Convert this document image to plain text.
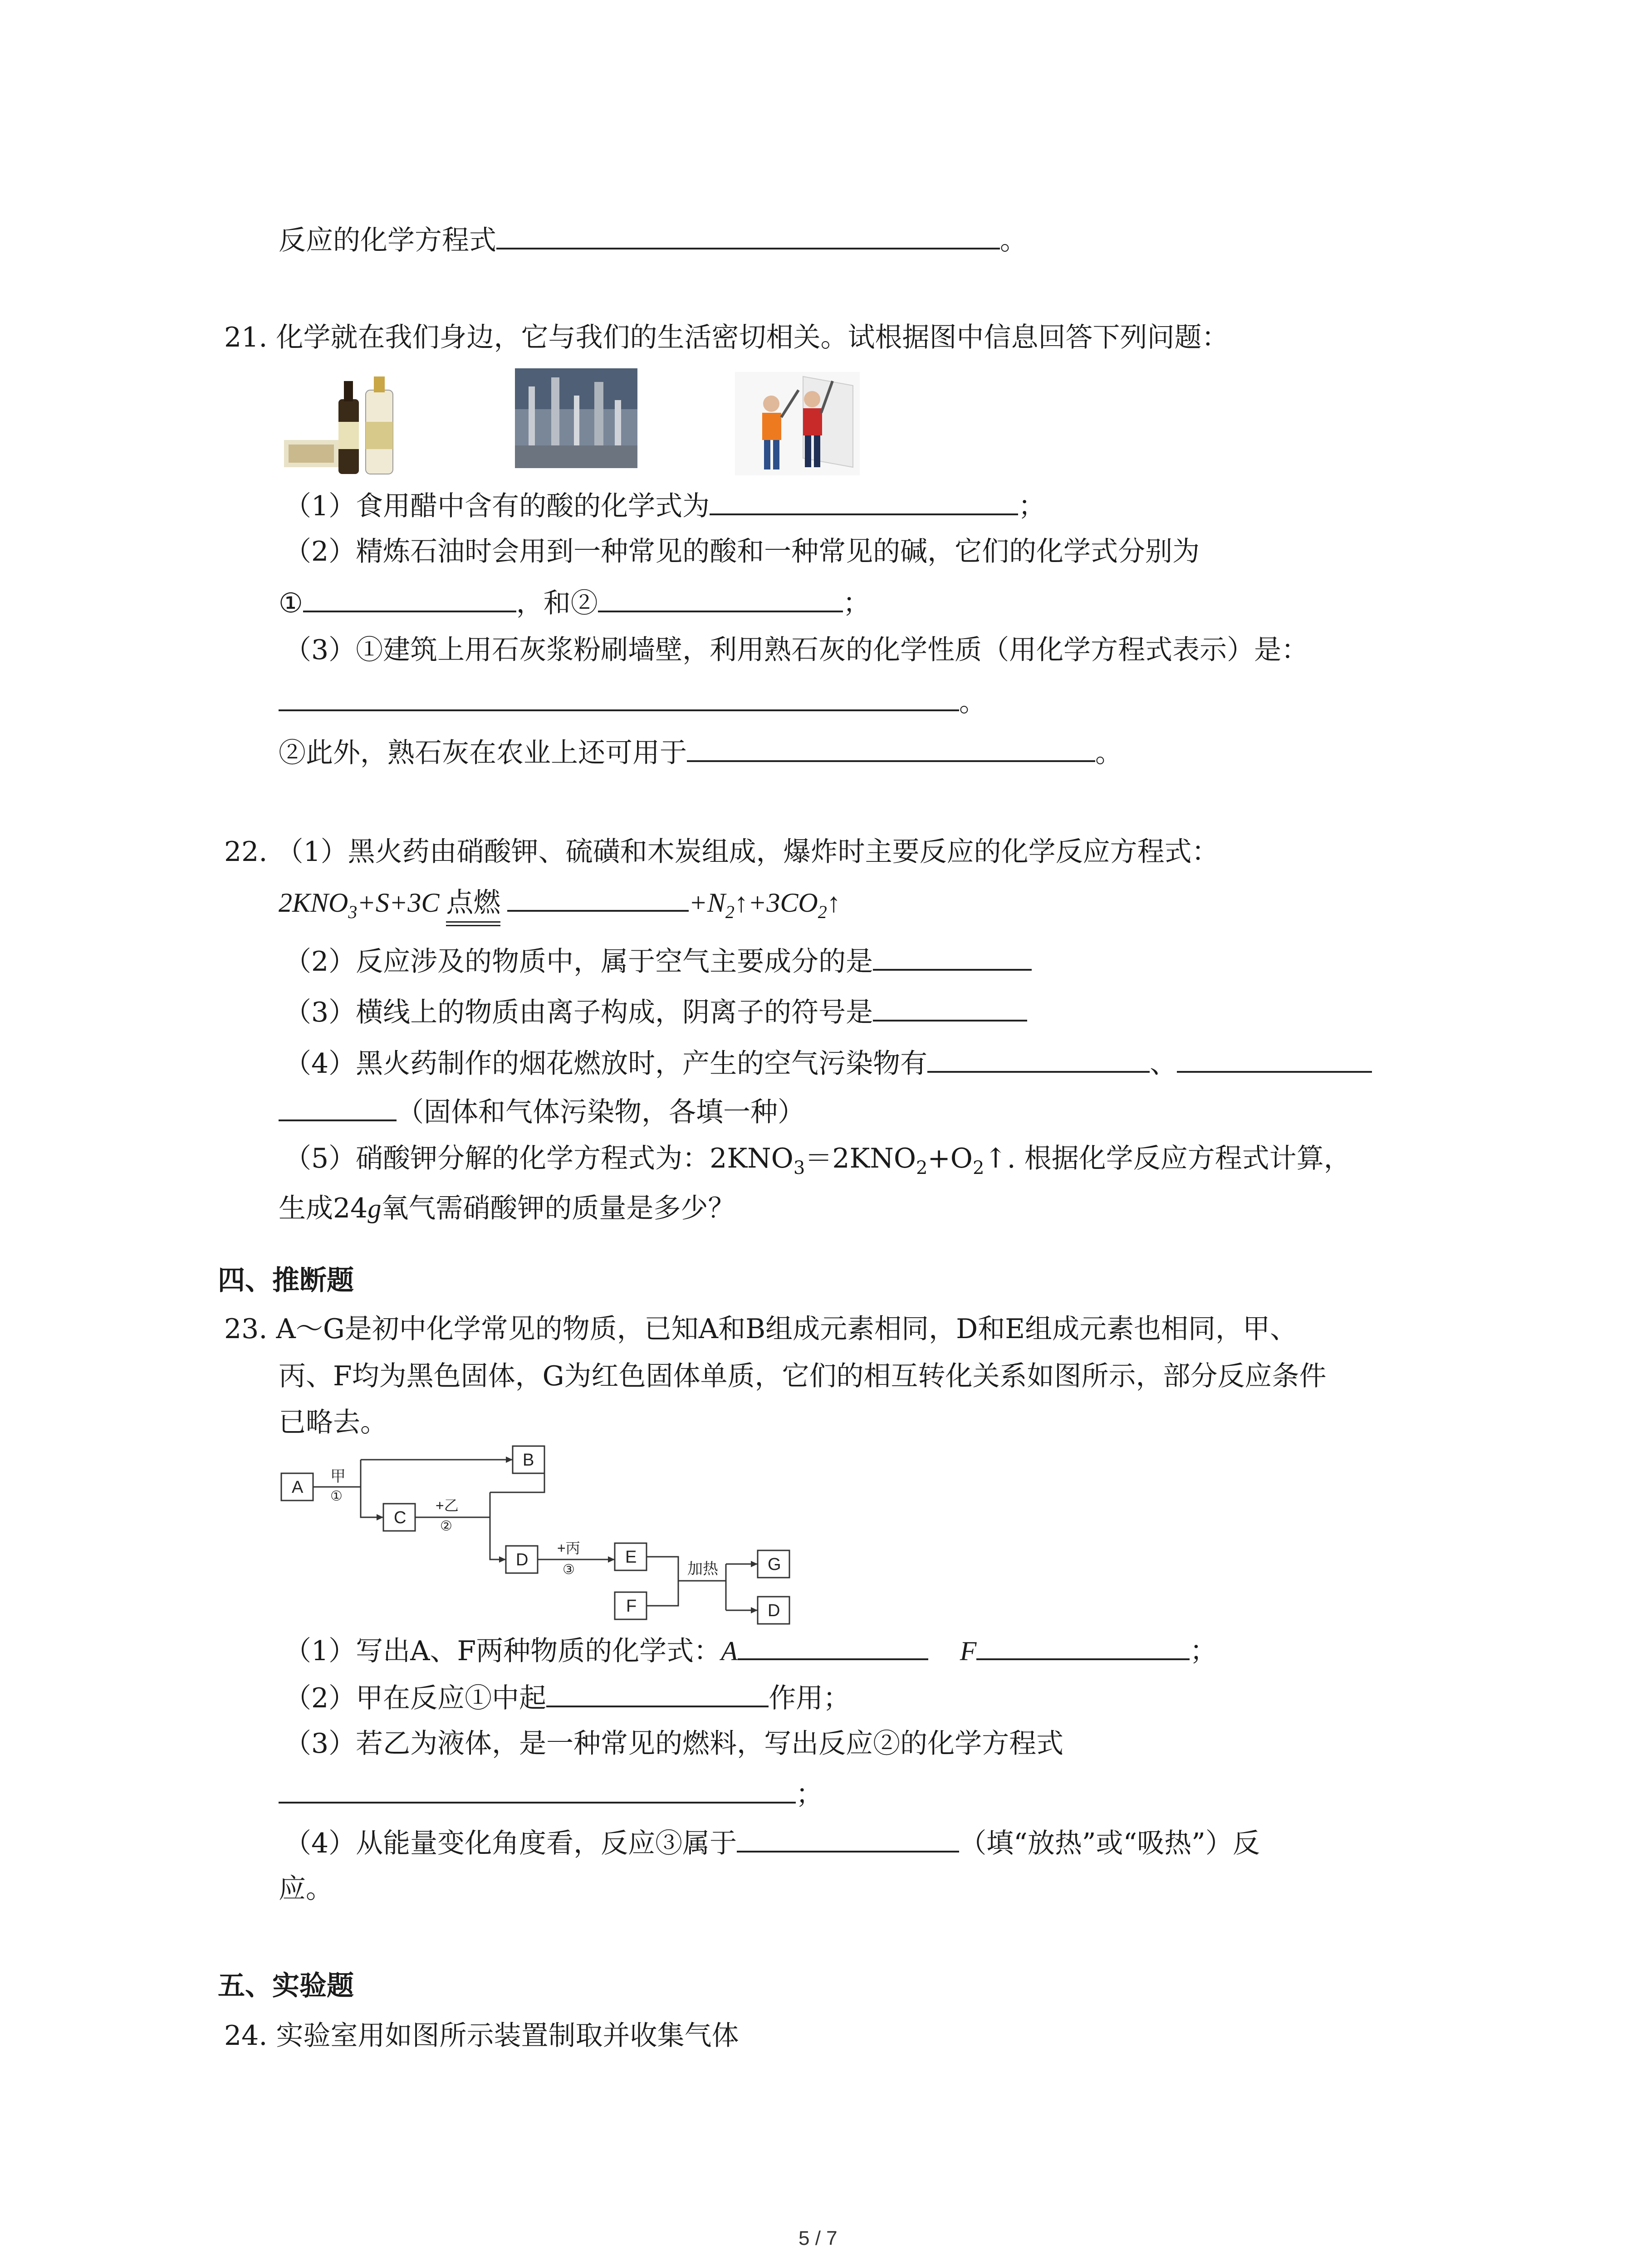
反应的化学方程式	。
21. 化学就在我们身边，它与我们的生活密切相关。试根据图中信息回答下列问题：
（1）食用醋中含有的酸的化学式为	；
（2）精炼石油时会用到一种常见的酸和一种常见的碱，它们的化学式分别为
①	，和②	；
（3）①建筑上用石灰浆粉刷墙壁，利用熟石灰的化学性质（用化学方程式表示）是：
。
②此外，熟石灰在农业上还可用于	。
22. （1）黑火药由硝酸钾、硫磺和木炭组成，爆炸时主要反应的化学反应方程式：
$2KNO_3+S+3C$ 点燃	$+N_2↑+3CO_2↑$
（2）反应涉及的物质中，属于空气主要成分的是
（3）横线上的物质由离子构成，阴离子的符号是
（4）黑火药制作的烟花燃放时，产生的空气污染物有	、
（固体和气体污染物，各填一种）
（5）硝酸钾分解的化学方程式为：$2KNO_3=2KNO_2+O_2↑$. 根据化学反应方程式计算，
生成24g氧气需硝酸钾的质量是多少？
四、推断题
23. A～G是初中化学常见的物质，已知A和B组成元素相同，D和E组成元素也相同，甲、
丙、F均为黑色固体，G为红色固体单质，它们的相互转化关系如图所示，部分反应条件
已略去。
A
B
C
D	E
F
G
D
甲
①
+乙
②
+丙
③	加热
（1）写出A、F两种物质的化学式：A	F	；
（2）甲在反应①中起	作用；
（3）若乙为液体，是一种常见的燃料，写出反应②的化学方程式
；
（4）从能量变化角度看，反应③属于	（填“放热”或“吸热”）反
应。
五、实验题
24. 实验室用如图所示装置制取并收集气体
5 / 7
